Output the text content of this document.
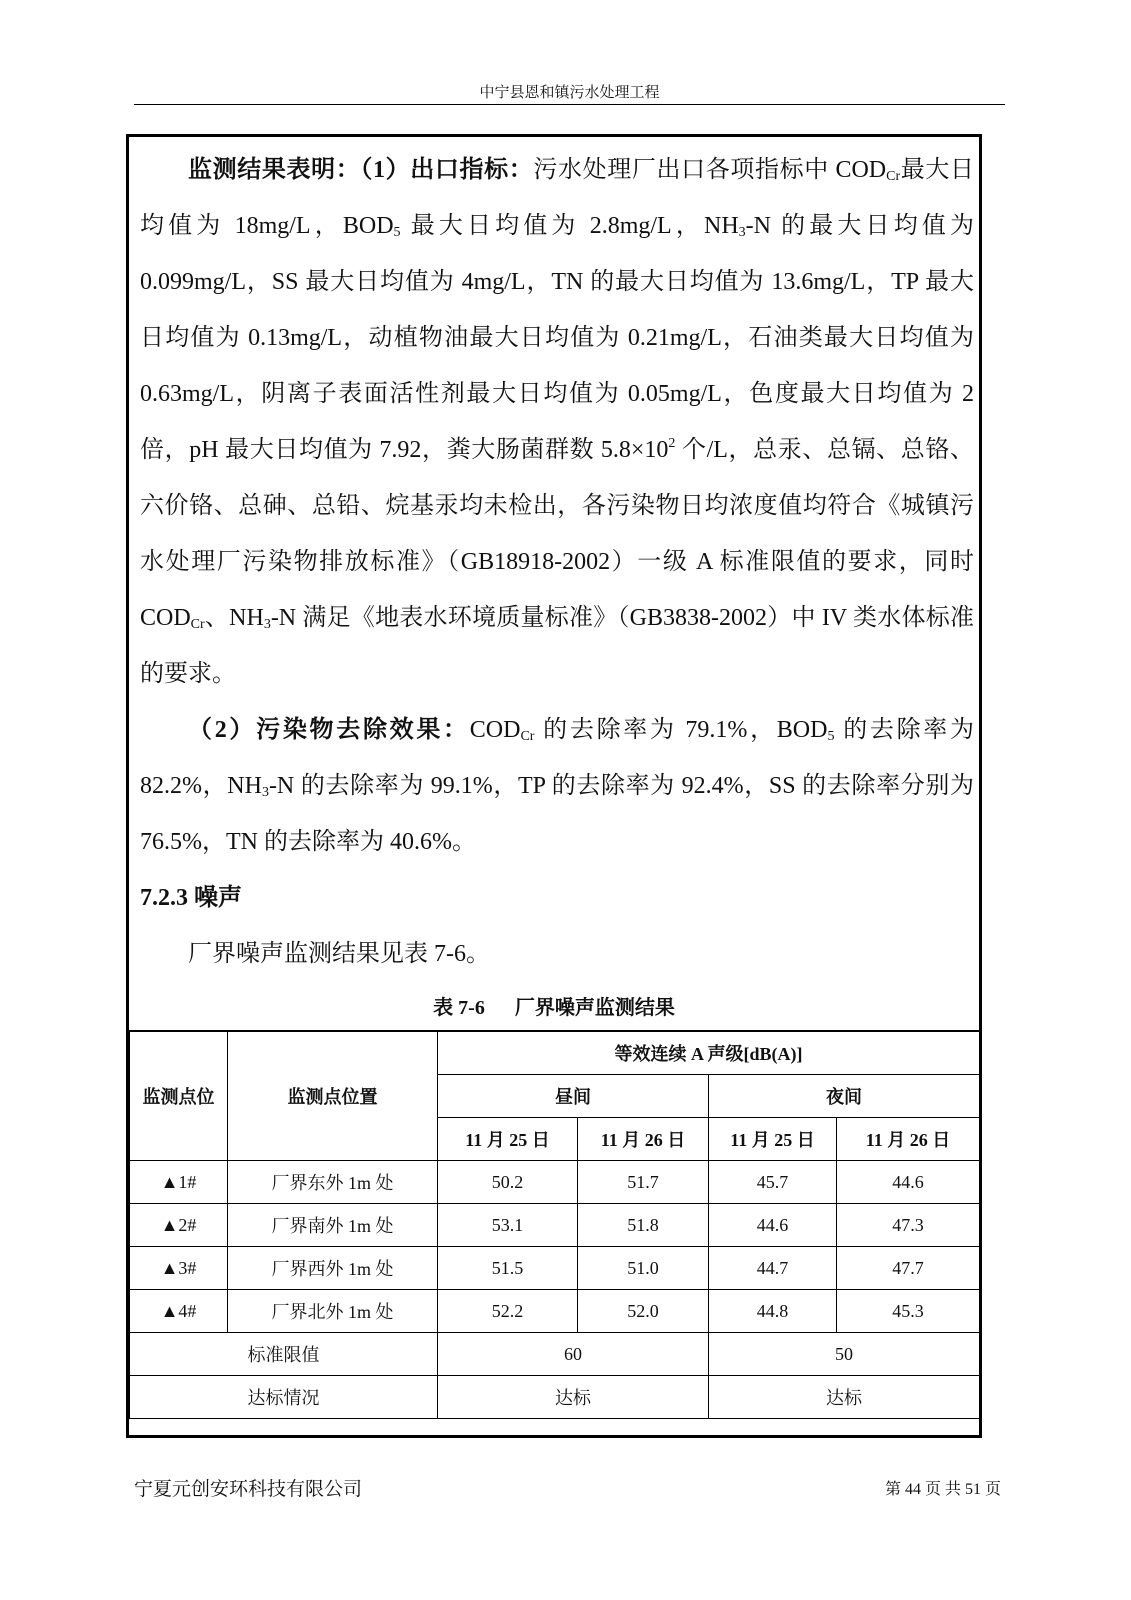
中宁县恩和镇污水处理工程

监测结果表明：（1）出口指标：污水处理厂出口各项指标中 $COD_{Cr}$最大日均值为 18mg/L，$BOD_5$ 最大日均值为 2.8mg/L，$NH_3-N$ 的最大日均值为 0.099mg/L，SS 最大日均值为 4mg/L，TN 的最大日均值为 13.6mg/L，TP 最大日均值为 0.13mg/L，动植物油最大日均值为 0.21mg/L，石油类最大日均值为 0.63mg/L，阴离子表面活性剂最大日均值为 0.05mg/L，色度最大日均值为 2 倍，pH 最大日均值为 7.92，粪大肠菌群数 $5.8\times 10^2$ 个/L，总汞、总镉、总铬、六价铬、总砷、总铅、烷基汞均未检出，各污染物日均浓度值均符合《城镇污水处理厂污染物排放标准》（GB18918-2002）一级 A 标准限值的要求，同时 $COD_{Cr}$、$NH_3-N$ 满足《地表水环境质量标准》（GB3838-2002）中 IV 类水体标准的要求。

（2）污染物去除效果：$COD_{Cr}$ 的去除率为 79.1%，$BOD_5$ 的去除率为 82.2%，$NH_3-N$ 的去除率为 99.1%，TP 的去除率为 92.4%，SS 的去除率分别为 76.5%，TN 的去除率为 40.6%。

7.2.3 噪声

厂界噪声监测结果见表 7-6。

表 7-6 厂界噪声监测结果
监测点位	监测点位置	等效连续 A 声级[dB(A)]			
		昼间		夜间	
		11 月 25 日	11 月 26 日	11 月 25 日	11 月 26 日
▲1#	厂界东外 1m 处	50.2	51.7	45.7	44.6
▲2#	厂界南外 1m 处	53.1	51.8	44.6	47.3
▲3#	厂界西外 1m 处	51.5	51.0	44.7	47.7
▲4#	厂界北外 1m 处	52.2	52.0	44.8	45.3
标准限值		60		50	
达标情况		达标		达标	
宁夏元创安环科技有限公司	第 44 页 共 51 页
